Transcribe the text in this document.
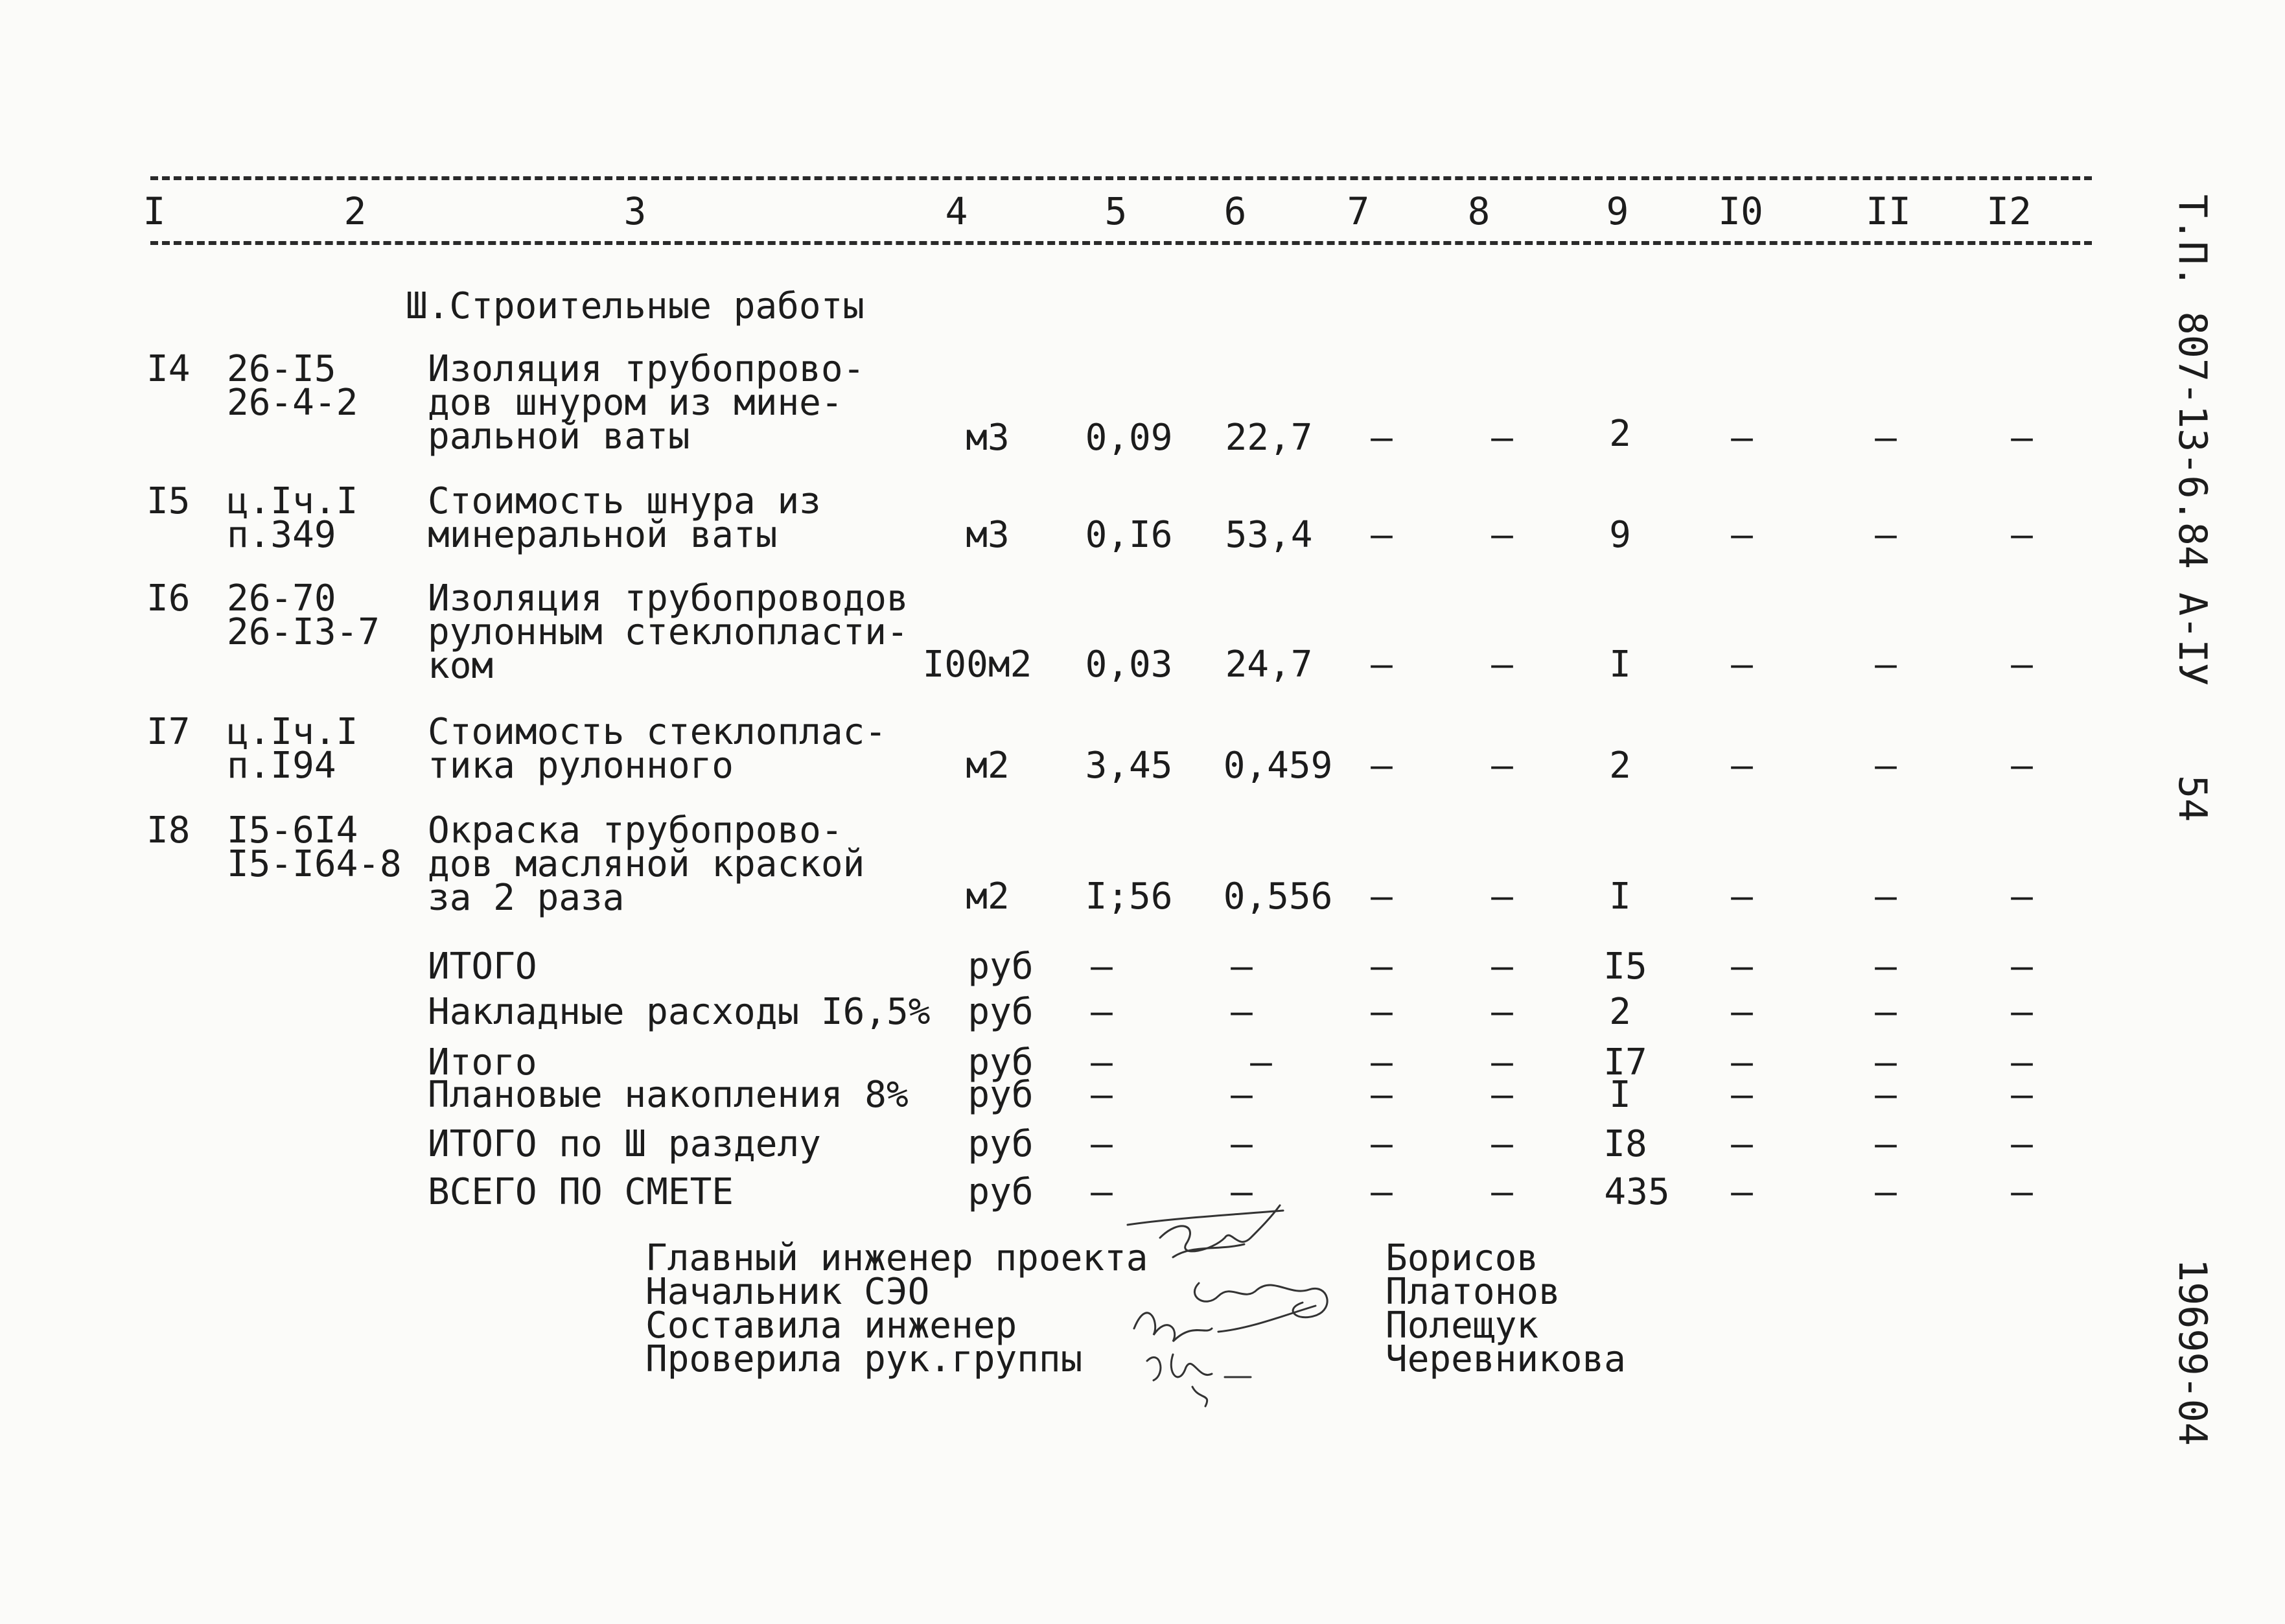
I	2	3	4	5	6	7	8	9 I0	II I2
Ш.Строительные работы
I4 26-I5
26-4-2
Изоляция трубопрово-
дов шнуром из мине-
ральной ваты	м3 0,09 22,7 –	–	2	–	–	–
I5 ц.Iч.I
п.349
Стоимость шнура из
минеральной ваты	м3 0,I6 53,4 –	–	9	–	–	–
I6 26-70
26-I3-7
Изоляция трубопроводов
рулонным стеклопласти-
ком	I00м2 0,03 24,7 –	–	I	–	–	–
I7 ц.Iч.I
п.I94
Стоимость стеклоплас-
тика рулонного	м2 3,45 0,459 –	–	2	–	–	–
I8 I5-6I4
I5-I64-8
Окраска трубопрово-
дов масляной краской
за 2 раза	м2 I;56 0,556 –	–	I	–	–	–
ИТОГО	руб –	–	–	– I5 –	–	–
Накладные расходы I6,5% руб –	–	–	–	2	–	–	–
Итого	руб –	–	–	– I7 –	–	–
Плановые накопления 8% руб –	–	–	–	I	–	–	–
ИТОГО по Ш разделу	руб –	–	–	– I8 –	–	–
ВСЕГО ПО СМЕТЕ	руб –	–	–	–	435 –	–	–
Главный инженер проекта	Борисов
Начальник СЭО	Платонов
Составила инженер	Полещук
Проверила рук.группы	Черевникова
Т.П. 807-13-6.84 А-IУ
54
19699-04
